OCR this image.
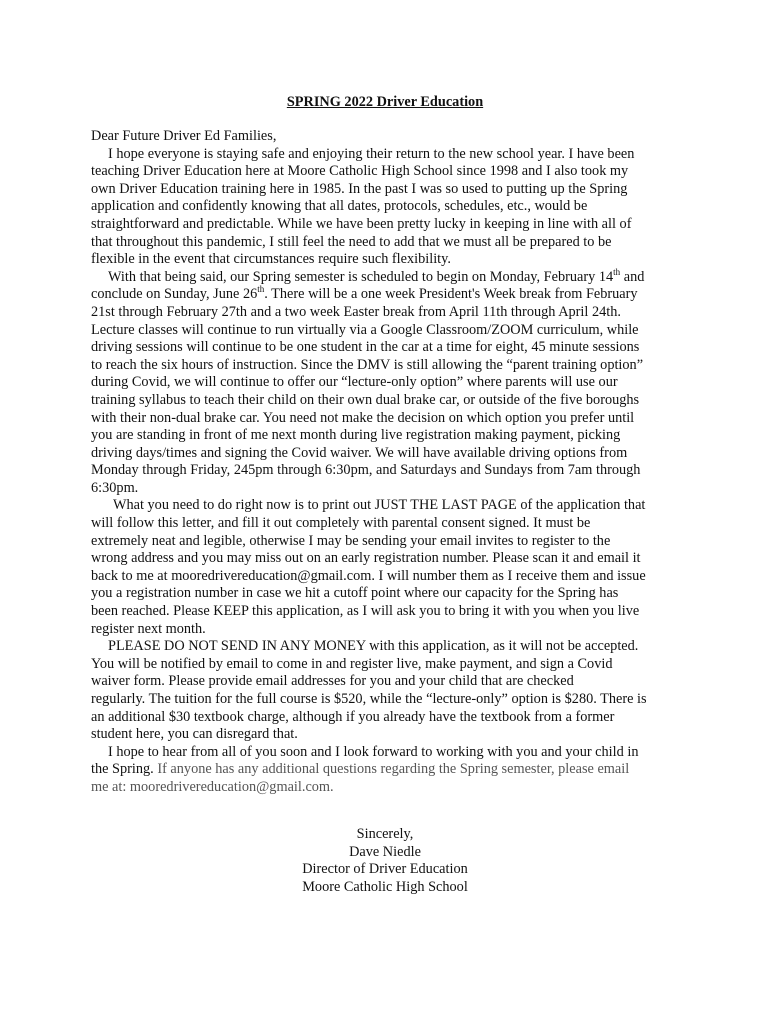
SPRING 2022 Driver Education
Dear Future Driver Ed Families,
I hope everyone is staying safe and enjoying their return to the new school year. I have been
teaching Driver Education here at Moore Catholic High School since 1998 and I also took my
own Driver Education training here in 1985. In the past I was so used to putting up the Spring
application and confidently knowing that all dates, protocols, schedules, etc., would be
straightforward and predictable. While we have been pretty lucky in keeping in line with all of
that throughout this pandemic, I still feel the need to add that we must all be prepared to be
flexible in the event that circumstances require such flexibility.
With that being said, our Spring semester is scheduled to begin on Monday, February 14th and
conclude on Sunday, June 26th. There will be a one week President's Week break from February
21st through February 27th and a two week Easter break from April 11th through April 24th.
Lecture classes will continue to run virtually via a Google Classroom/ZOOM curriculum, while
driving sessions will continue to be one student in the car at a time for eight, 45 minute sessions
to reach the six hours of instruction. Since the DMV is still allowing the “parent training option”
during Covid, we will continue to offer our “lecture-only option” where parents will use our
training syllabus to teach their child on their own dual brake car, or outside of the five boroughs
with their non-dual brake car. You need not make the decision on which option you prefer until
you are standing in front of me next month during live registration making payment, picking
driving days/times and signing the Covid waiver. We will have available driving options from
Monday through Friday, 245pm through 6:30pm, and Saturdays and Sundays from 7am through
6:30pm.
What you need to do right now is to print out JUST THE LAST PAGE of the application that
will follow this letter, and fill it out completely with parental consent signed. It must be
extremely neat and legible, otherwise I may be sending your email invites to register to the
wrong address and you may miss out on an early registration number. Please scan it and email it
back to me at mooredrivereducation@gmail.com. I will number them as I receive them and issue
you a registration number in case we hit a cutoff point where our capacity for the Spring has
been reached. Please KEEP this application, as I will ask you to bring it with you when you live
register next month.
PLEASE DO NOT SEND IN ANY MONEY with this application, as it will not be accepted.
You will be notified by email to come in and register live, make payment, and sign a Covid
waiver form. Please provide email addresses for you and your child that are checked
regularly. The tuition for the full course is $520, while the “lecture-only” option is $280. There is
an additional $30 textbook charge, although if you already have the textbook from a former
student here, you can disregard that.
I hope to hear from all of you soon and I look forward to working with you and your child in
the Spring. If anyone has any additional questions regarding the Spring semester, please email
me at: mooredrivereducation@gmail.com.
Sincerely,
Dave Niedle
Director of Driver Education
Moore Catholic High School
